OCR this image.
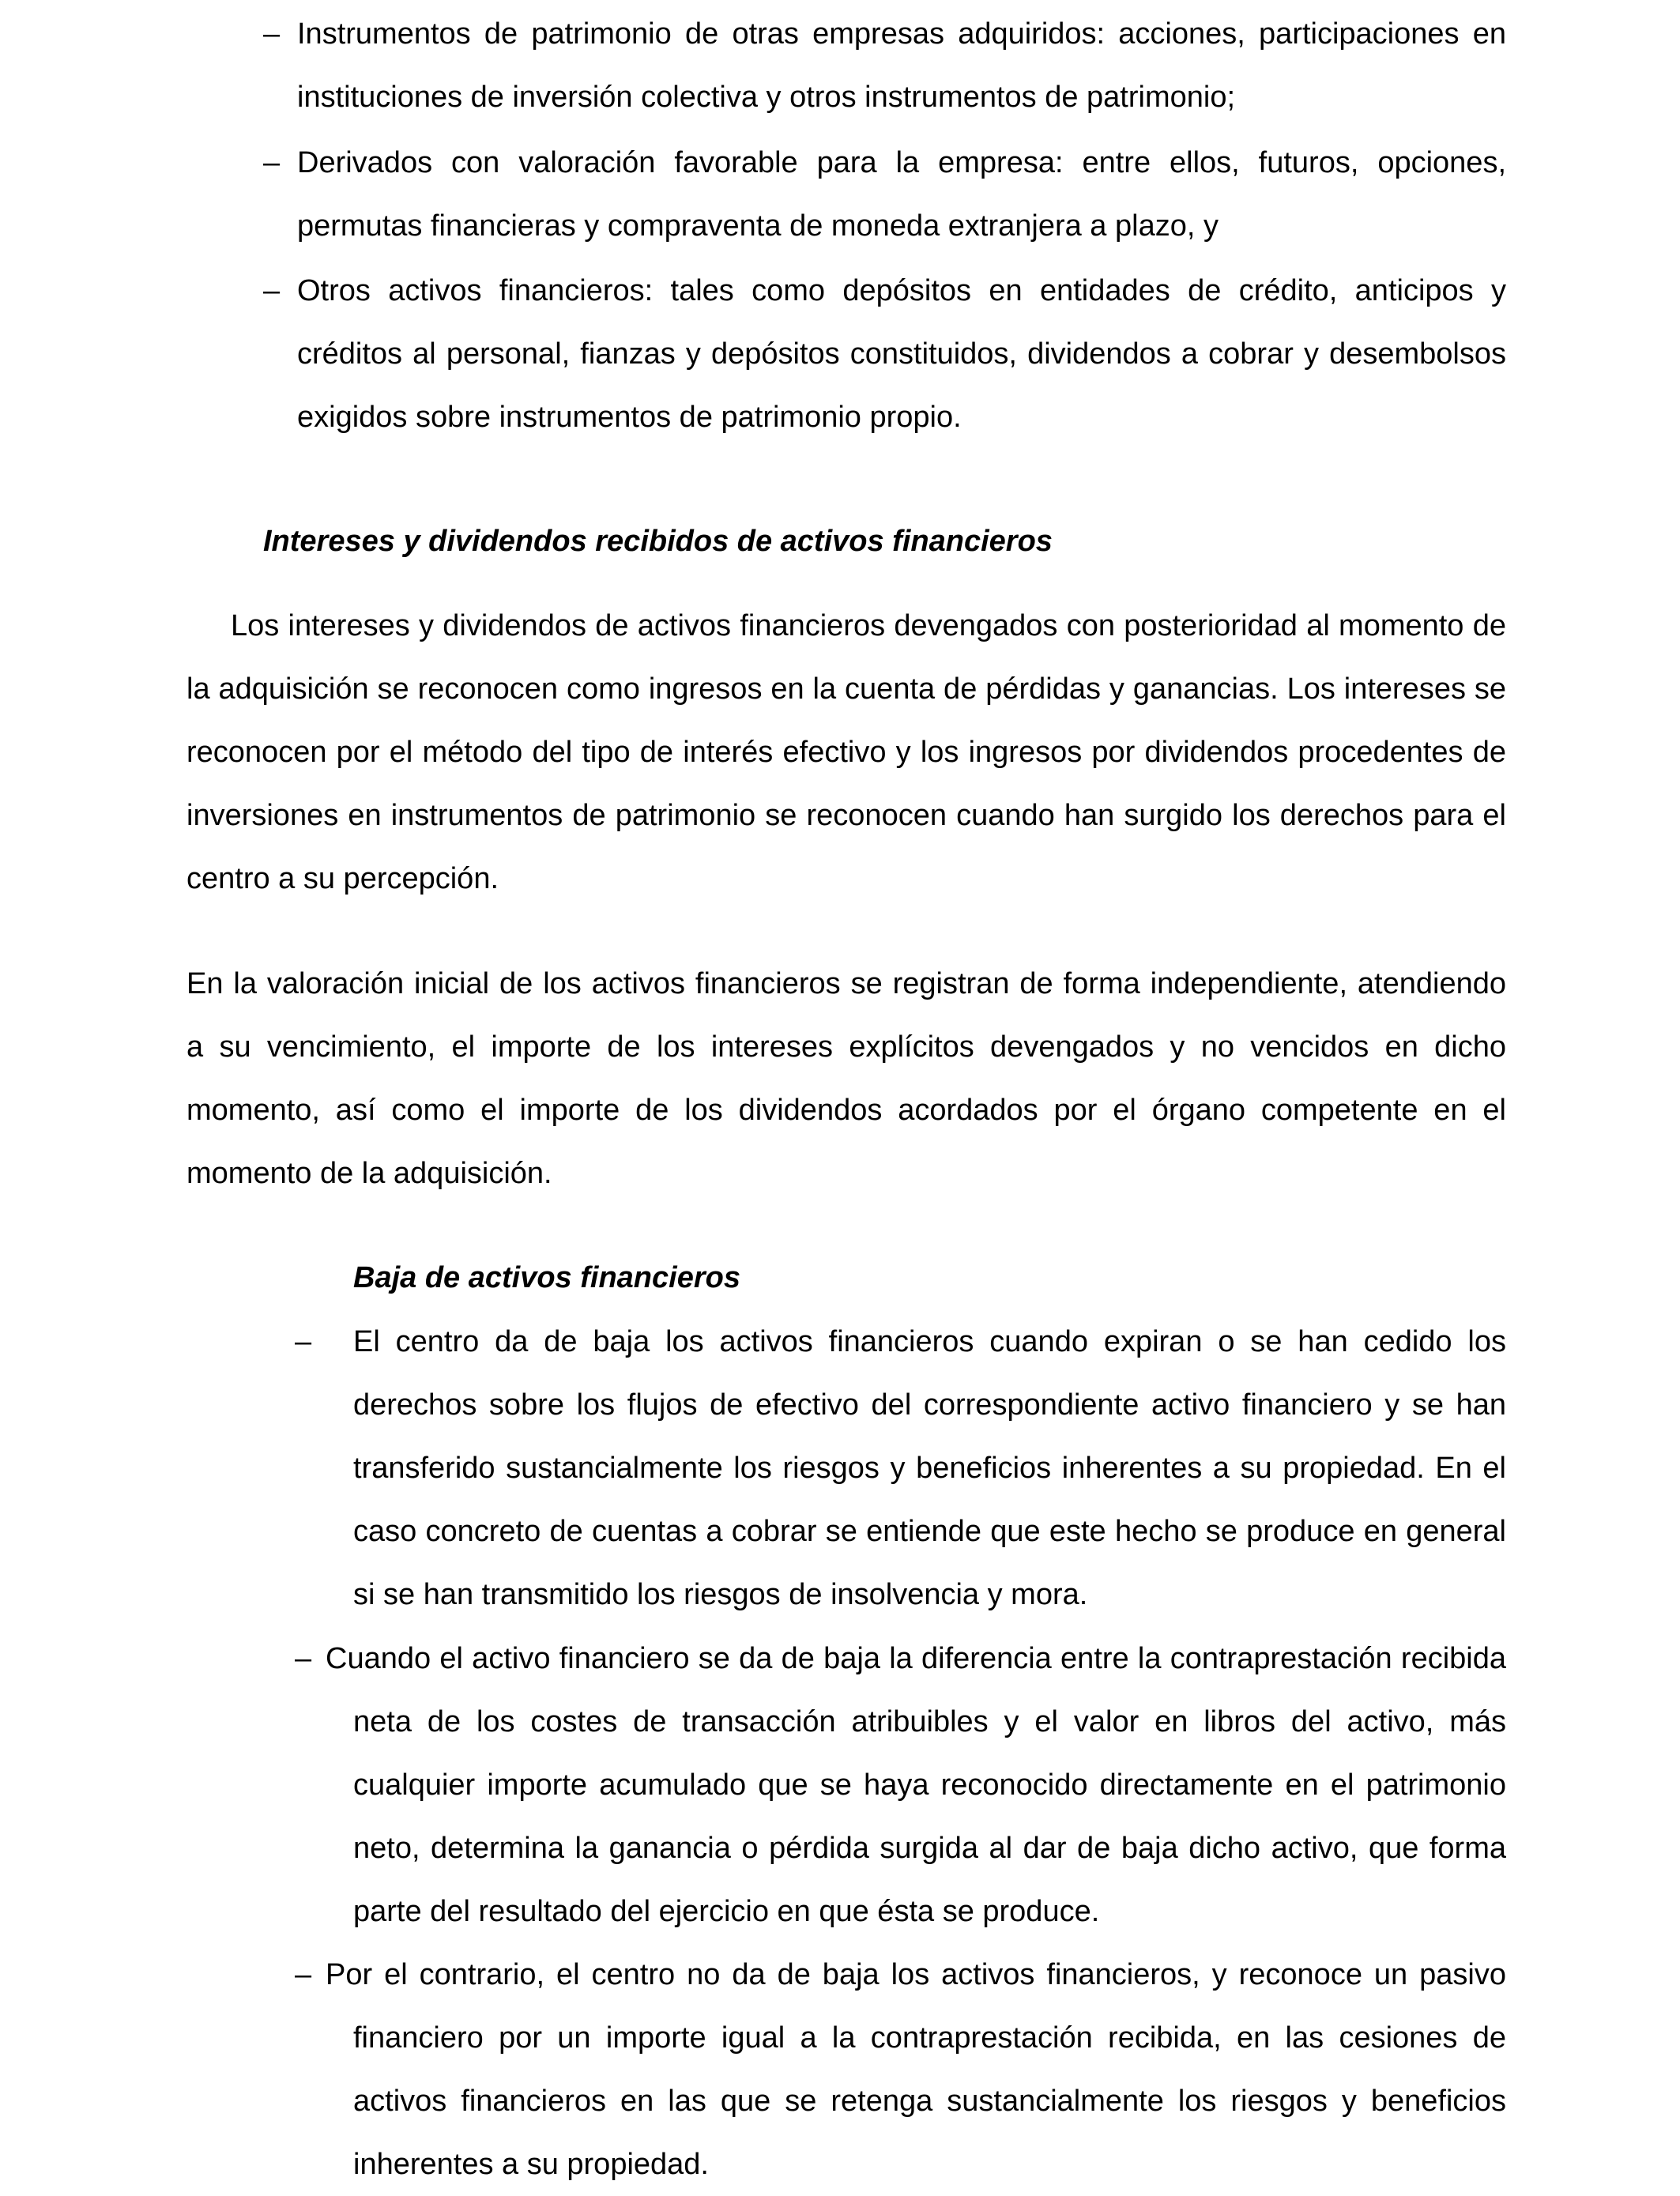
– Instrumentos de patrimonio de otras empresas adquiridos: acciones, participaciones en instituciones de inversión colectiva y otros instrumentos de patrimonio;
– Derivados con valoración favorable para la empresa: entre ellos, futuros, opciones, permutas financieras y compraventa de moneda extranjera a plazo, y
– Otros activos financieros: tales como depósitos en entidades de crédito, anticipos y créditos al personal, fianzas y depósitos constituidos, dividendos a cobrar y desembolsos exigidos sobre instrumentos de patrimonio propio.
Intereses y dividendos recibidos de activos financieros
Los intereses y dividendos de activos financieros devengados con posterioridad al momento de la adquisición se reconocen como ingresos en la cuenta de pérdidas y ganancias. Los intereses se reconocen por el método del tipo de interés efectivo y los ingresos por dividendos procedentes de inversiones en instrumentos de patrimonio se reconocen cuando han surgido los derechos para el centro a su percepción.
En la valoración inicial de los activos financieros se registran de forma independiente, atendiendo a su vencimiento, el importe de los intereses explícitos devengados y no vencidos en dicho momento, así como el importe de los dividendos acordados por el órgano competente en el momento de la adquisición.
Baja de activos financieros
– El centro da de baja los activos financieros cuando expiran o se han cedido los derechos sobre los flujos de efectivo del correspondiente activo financiero y se han transferido sustancialmente los riesgos y beneficios inherentes a su propiedad. En el caso concreto de cuentas a cobrar se entiende que este hecho se produce en general si se han transmitido los riesgos de insolvencia y mora.
– Cuando el activo financiero se da de baja la diferencia entre la contraprestación recibida neta de los costes de transacción atribuibles y el valor en libros del activo, más cualquier importe acumulado que se haya reconocido directamente en el patrimonio neto, determina la ganancia o pérdida surgida al dar de baja dicho activo, que forma parte del resultado del ejercicio en que ésta se produce.
– Por el contrario, el centro no da de baja los activos financieros, y reconoce un pasivo financiero por un importe igual a la contraprestación recibida, en las cesiones de activos financieros en las que se retenga sustancialmente los riesgos y beneficios inherentes a su propiedad.
